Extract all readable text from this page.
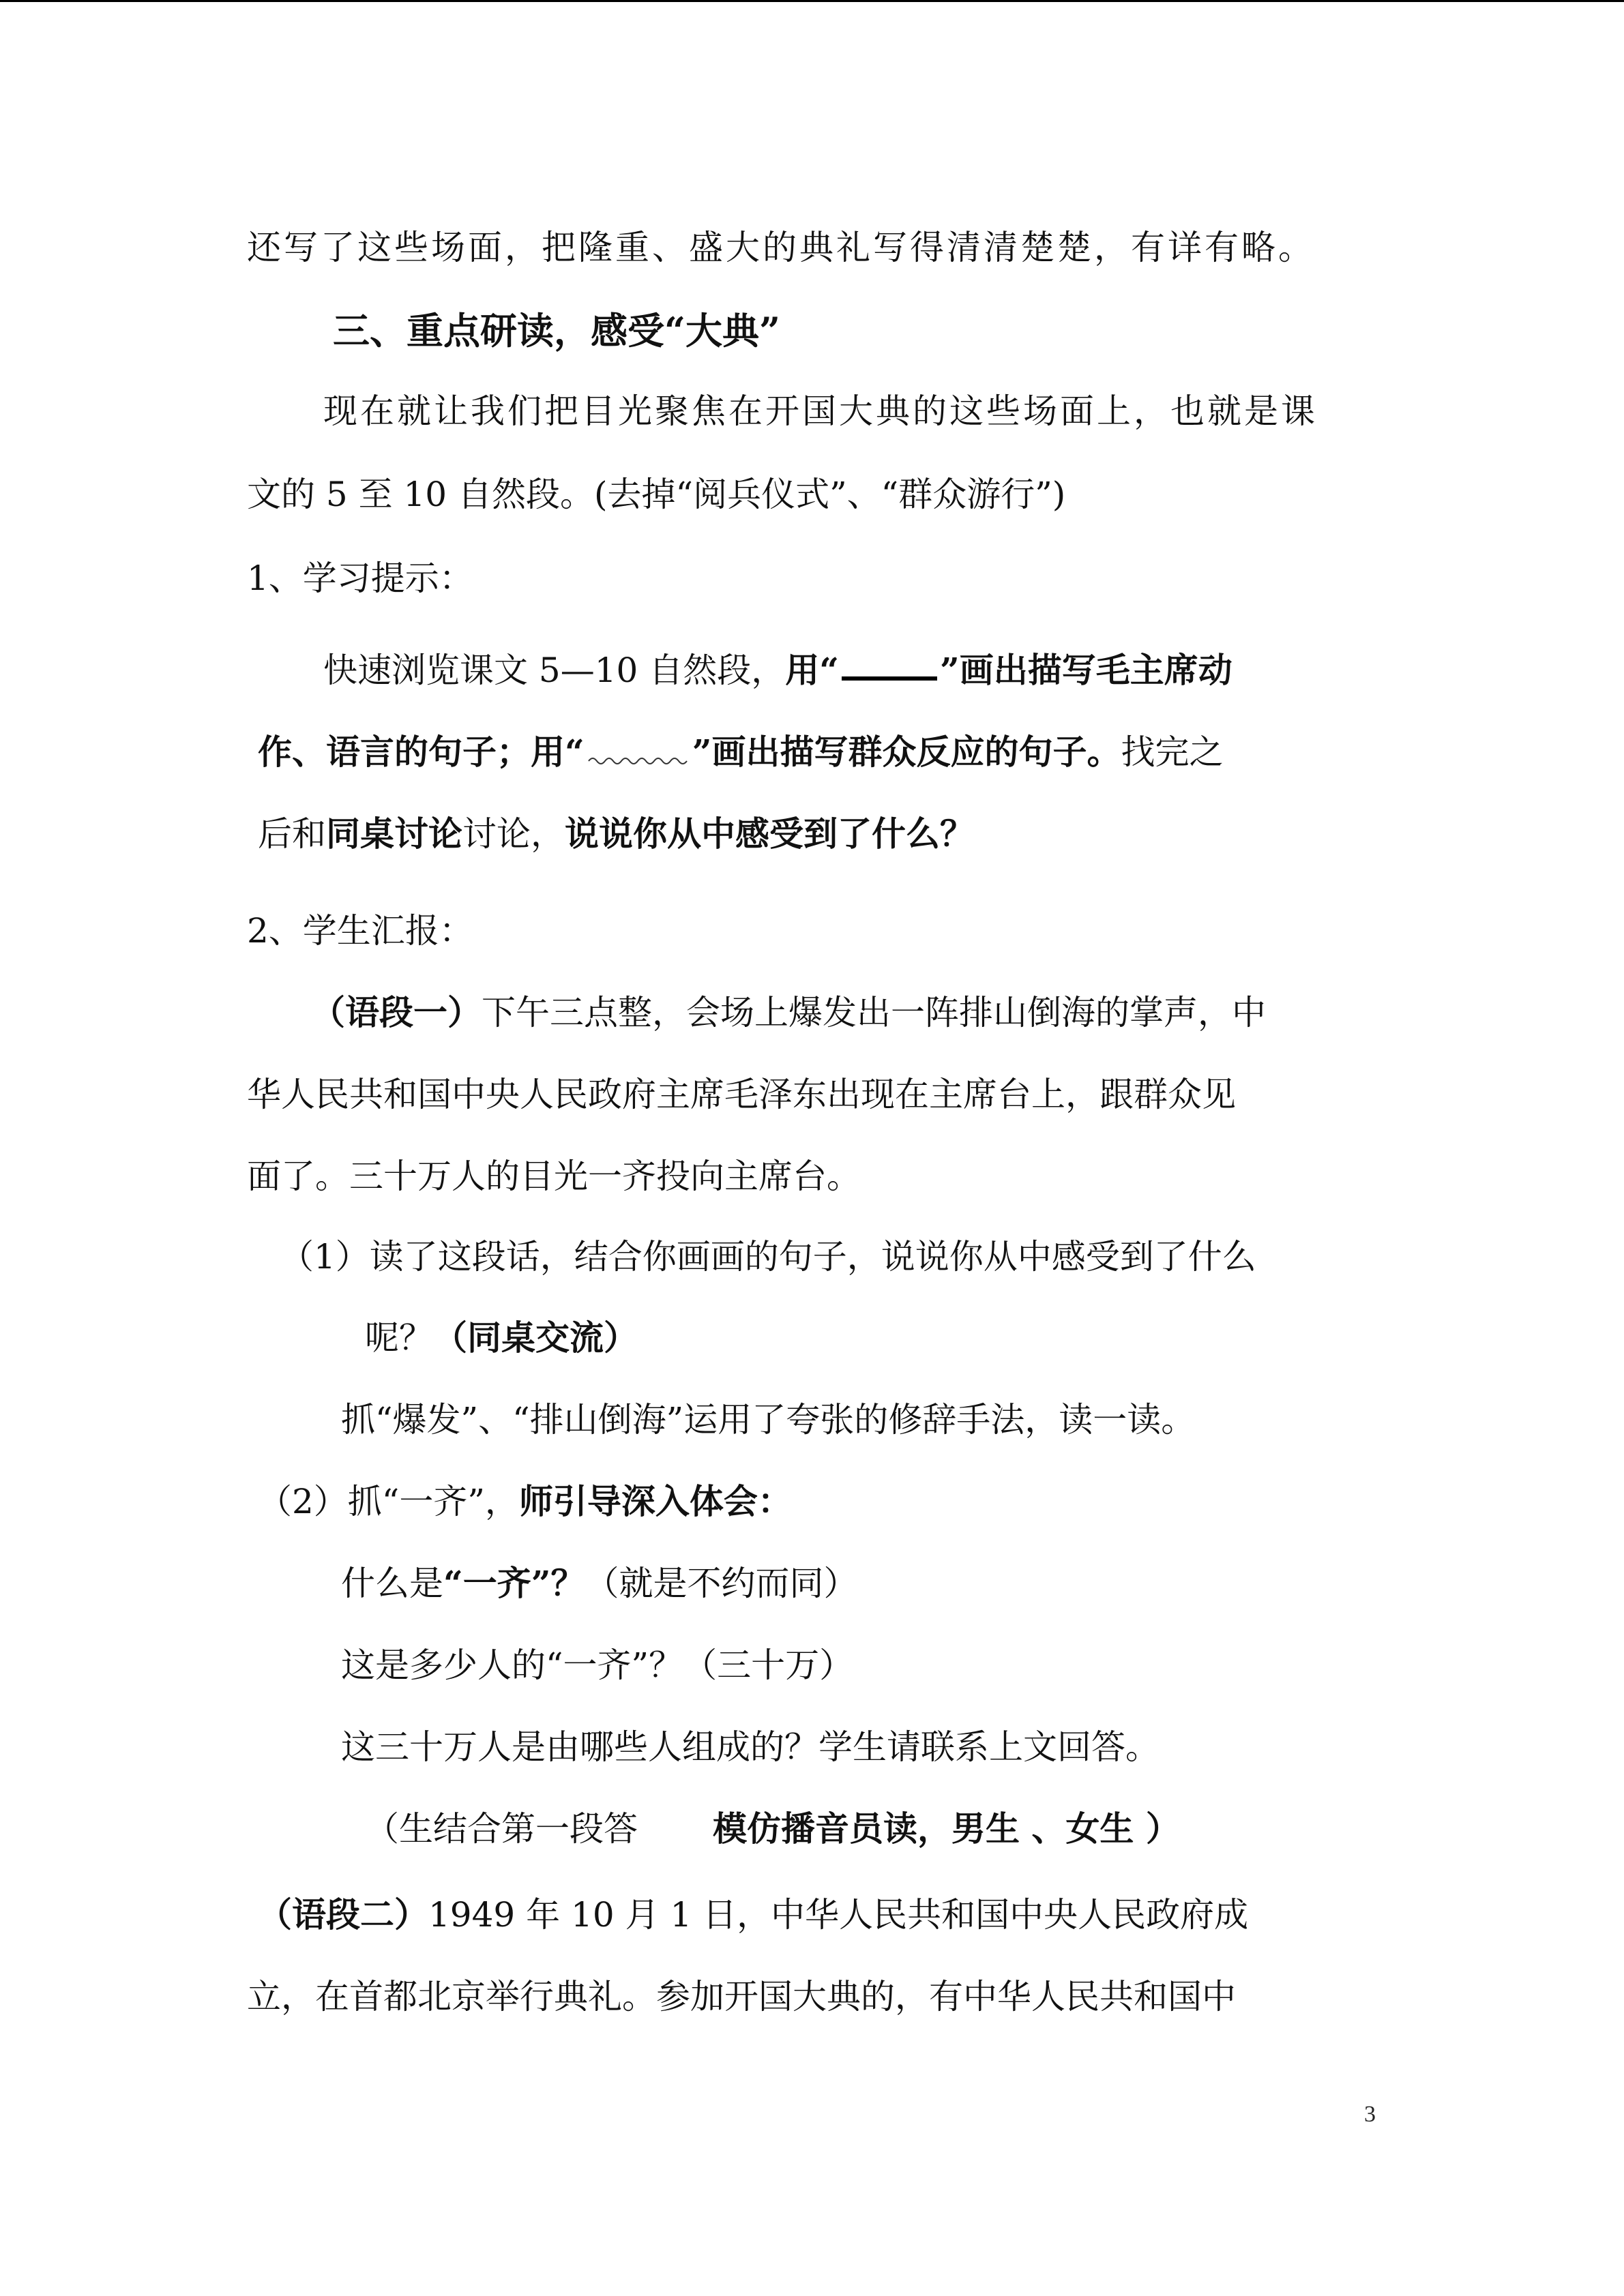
还写了这些场面，把隆重、盛大的典礼写得清清楚楚，有详有略。
三、重点研读，感受“大典”
现在就让我们把目光聚焦在开国大典的这些场面上，也就是课
文的 5 至 10 自然段。(去掉“阅兵仪式”、“群众游行”)
1、学习提示：
快速浏览课文 5—10 自然段，用“	”画出描写毛主席动
作、语言的句子；用“	”画出描写群众反应的句子。找完之
后和同桌讨论讨论，说说你从中感受到了什么？
2、学生汇报：
（语段一）下午三点整，会场上爆发出一阵排山倒海的掌声，中
华人民共和国中央人民政府主席毛泽东出现在主席台上，跟群众见
面了。三十万人的目光一齐投向主席台。
（1）读了这段话，结合你画画的句子，说说你从中感受到了什么
呢？（同桌交流）
抓“爆发”、“排山倒海”运用了夸张的修辞手法，读一读。
（2）抓“一齐”，师引导深入体会：
什么是“一齐”？（就是不约而同）
这是多少人的“一齐”？（三十万）
这三十万人是由哪些人组成的？学生请联系上文回答。
（生结合第一段答 模仿播音员读，男生 、女生 ）
（语段二）1949 年 10 月 1 日，中华人民共和国中央人民政府成
立，在首都北京举行典礼。参加开国大典的，有中华人民共和国中
3
